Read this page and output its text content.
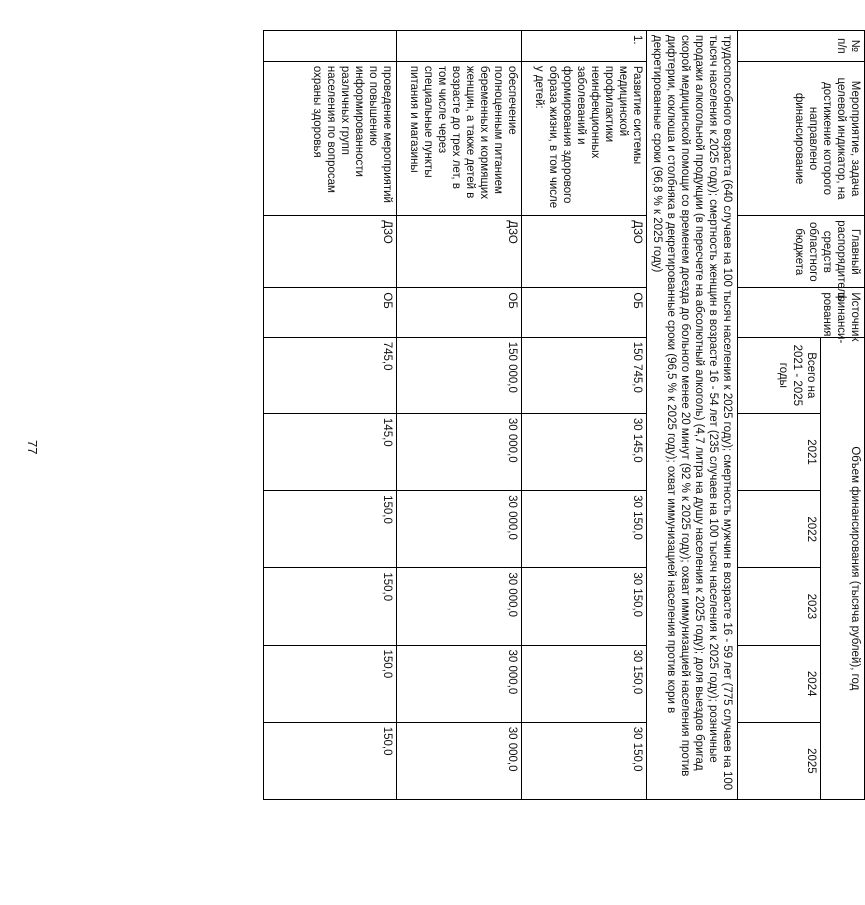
77
№ п/п	Мероприятие, задача целевой индикатор, на достижение которого направлено финансирование	Главный распорядитель средств областного бюджета	Источник финанси-рования	Объем финансирования (тысяча рублей), год					
				Всего на 2021 - 2025 годы	2021	2022	2023	2024	2025
трудоспособного возраста (640 случаев на 100 тысяч населения к 2025 году); смертность мужчин в возрасте 16 - 59 лет (775 случаев на 100 тысяч населения к 2025 году); смертность женщин в возрасте 16 - 54 лет (235 случаев на 100 тысяч населения к 2025 году); розничные продажи алкогольной продукции (в пересчете на абсолютный алкоголь) (4,7 литра на душу населения к 2025 году); доля выездов бригад скорой медицинской помощи со временем доезда до больного менее 20 минут (92 % к 2025 году); охват иммунизацией населения против дифтерии, коклюша и столбняка в декретированные сроки (96,5 % к 2025 году); охват иммунизацией населения против кори в декретированные сроки (96,8 % к 2025 году)									
1.	Развитие системы медицинской профилактики неинфекционных заболеваний и формирования здорового образа жизни, в том числе у детей:	ДЗО	ОБ	150 745,0	30 145,0	30 150,0	30 150,0	30 150,0	30 150,0
	обеспечение полноценным питанием беременных и кормящих женщин, а также детей в возрасте до трех лет, в том числе через специальные пункты питания и магазины	ДЗО	ОБ	150 000,0	30 000,0	30 000,0	30 000,0	30 000,0	30 000,0
	проведение мероприятий по повышению информированности различных групп населения по вопросам охраны здоровья	ДЗО	ОБ	745,0	145,0	150,0	150,0	150,0	150,0
